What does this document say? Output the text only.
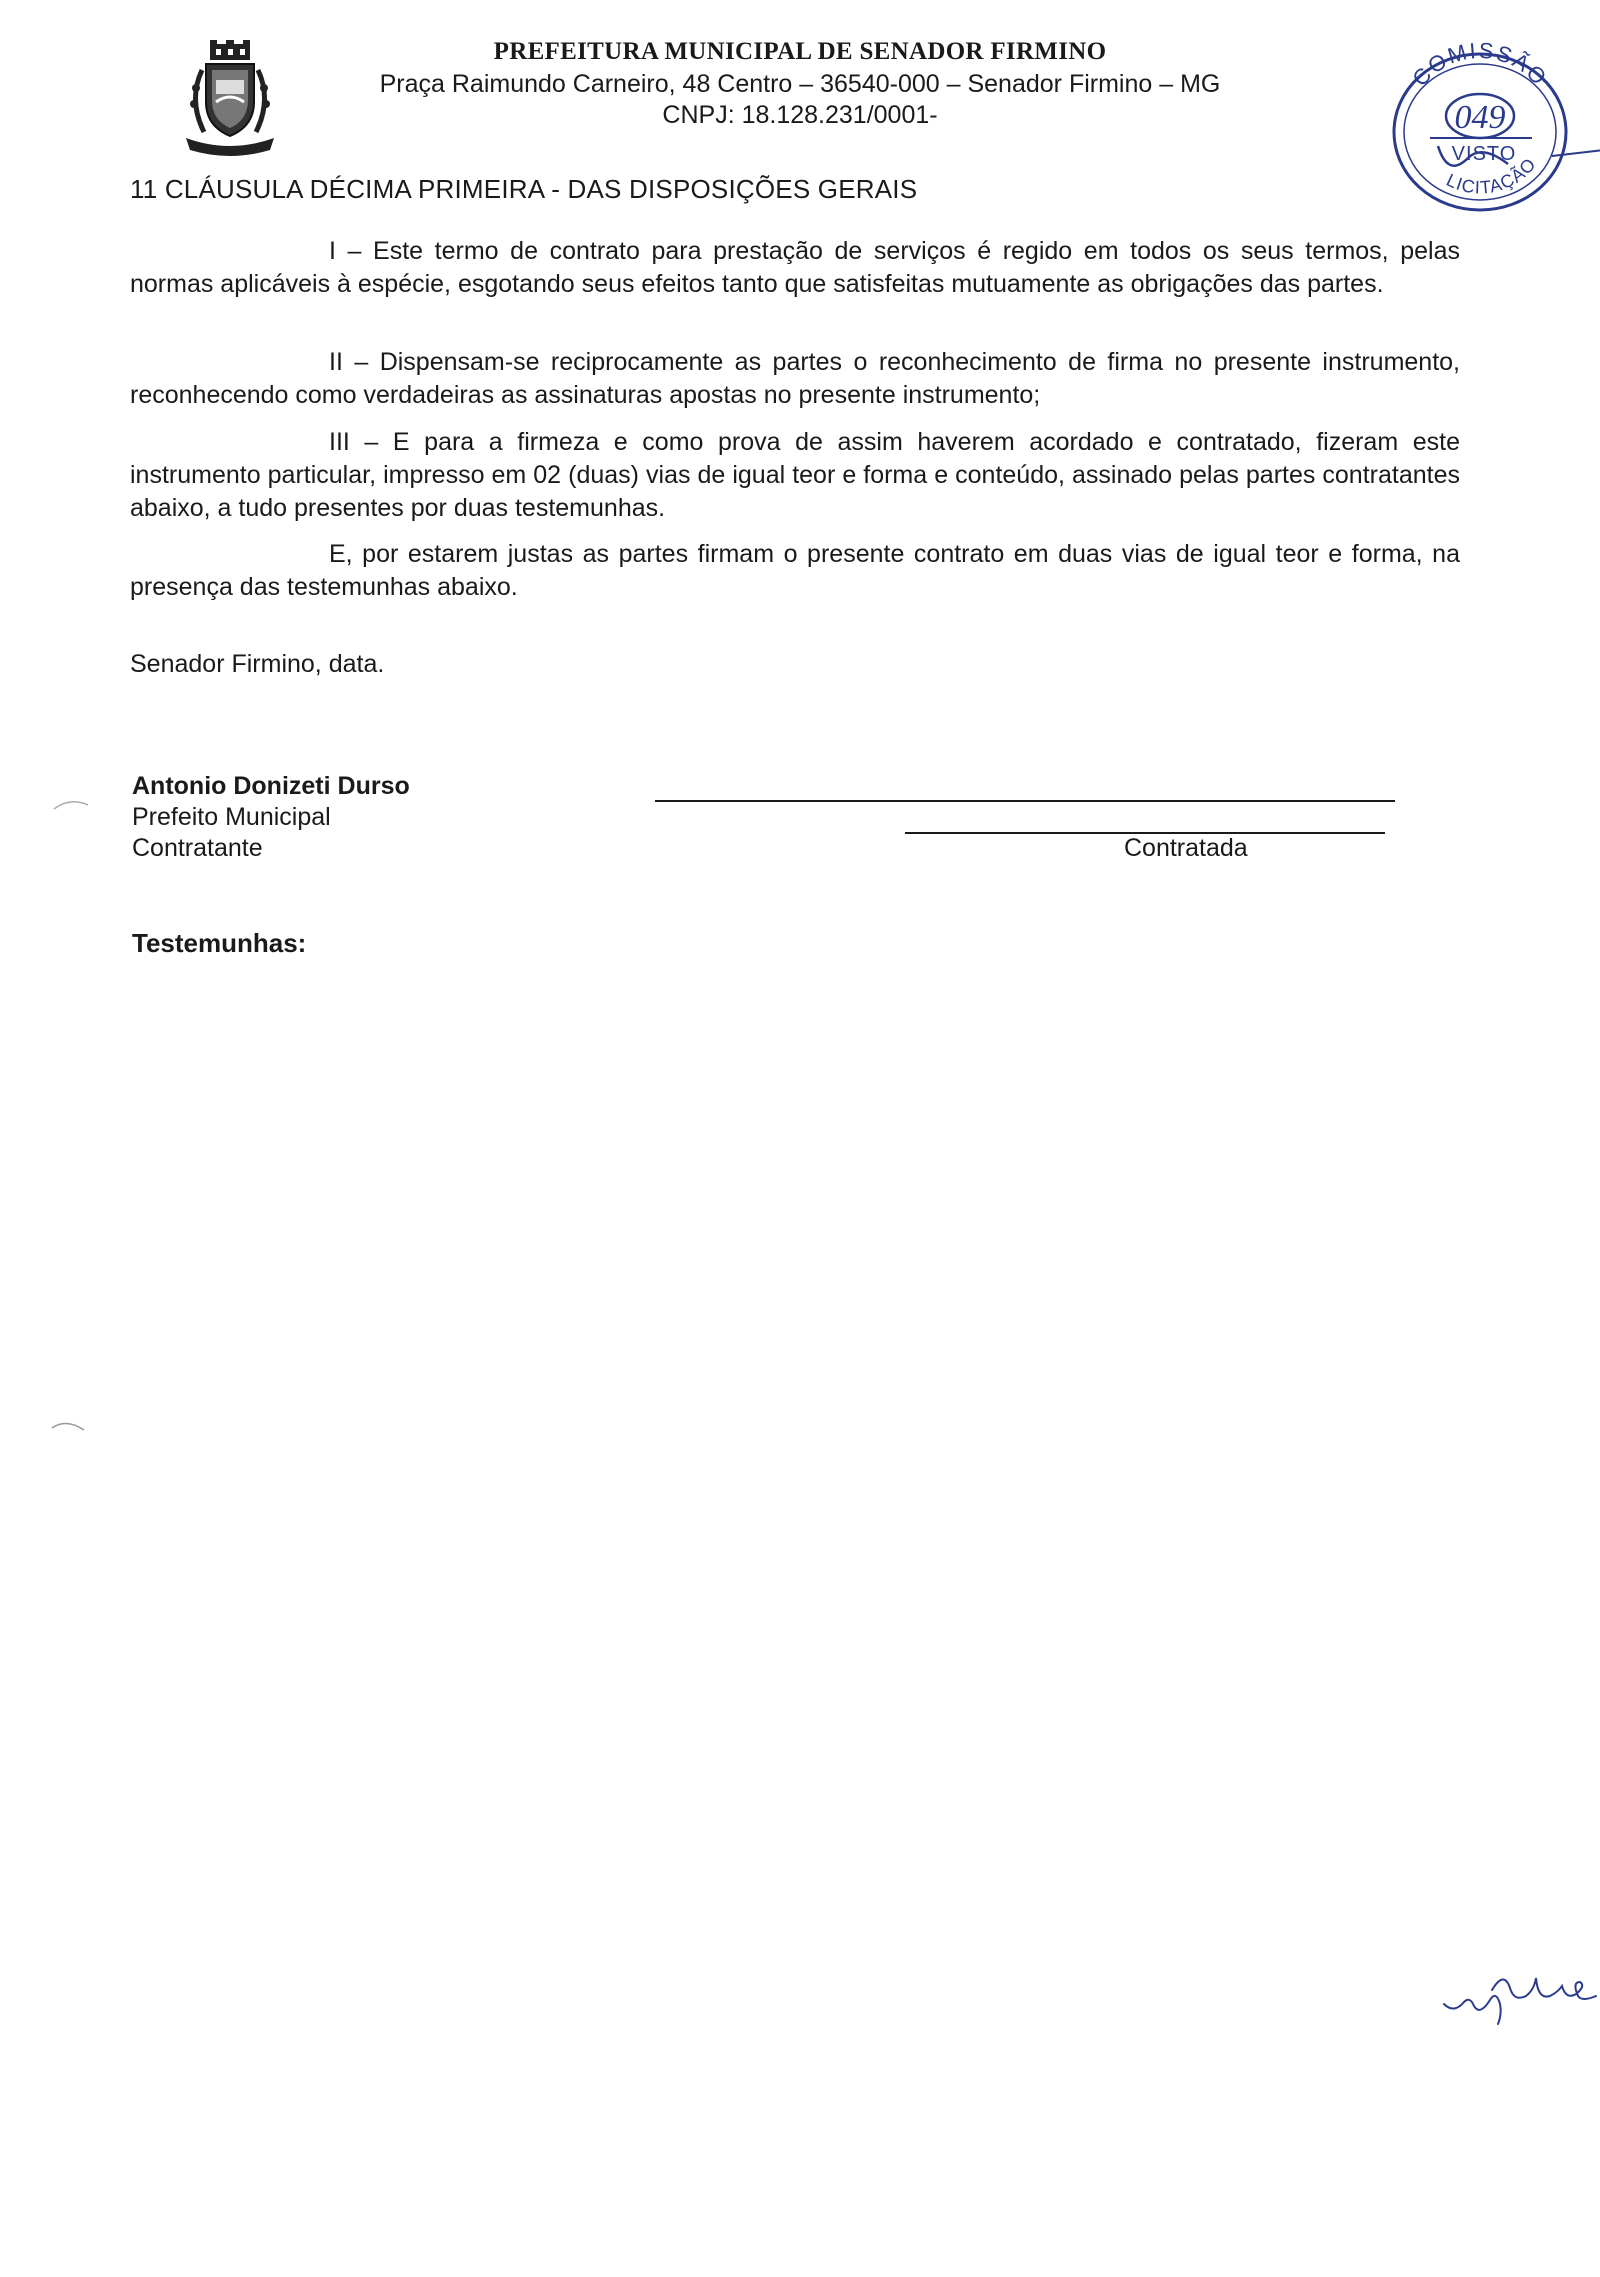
PREFEITURA MUNICIPAL DE SENADOR FIRMINO
Praça Raimundo Carneiro, 48 Centro – 36540-000 – Senador Firmino – MG
CNPJ: 18.128.231/0001-
COMISSÃO
049
VISTO
LICITAÇÃO
11 CLÁUSULA DÉCIMA PRIMEIRA - DAS DISPOSIÇÕES GERAIS
I – Este termo de contrato para prestação de serviços é regido em todos os seus termos, pelas normas aplicáveis à espécie, esgotando seus efeitos tanto que satisfeitas mutuamente as obrigações das partes.
II – Dispensam-se reciprocamente as partes o reconhecimento de firma no presente instrumento, reconhecendo como verdadeiras as assinaturas apostas no presente instrumento;
III – E para a firmeza e como prova de assim haverem acordado e contratado, fizeram este instrumento particular, impresso em 02 (duas) vias de igual teor e forma e conteúdo, assinado pelas partes contratantes abaixo, a tudo presentes por duas testemunhas.
E, por estarem justas as partes firmam o presente contrato em duas vias de igual teor e forma, na presença das testemunhas abaixo.
Senador Firmino, data.
Antonio Donizeti Durso
Prefeito Municipal
Contratante	Contratada
Testemunhas:
